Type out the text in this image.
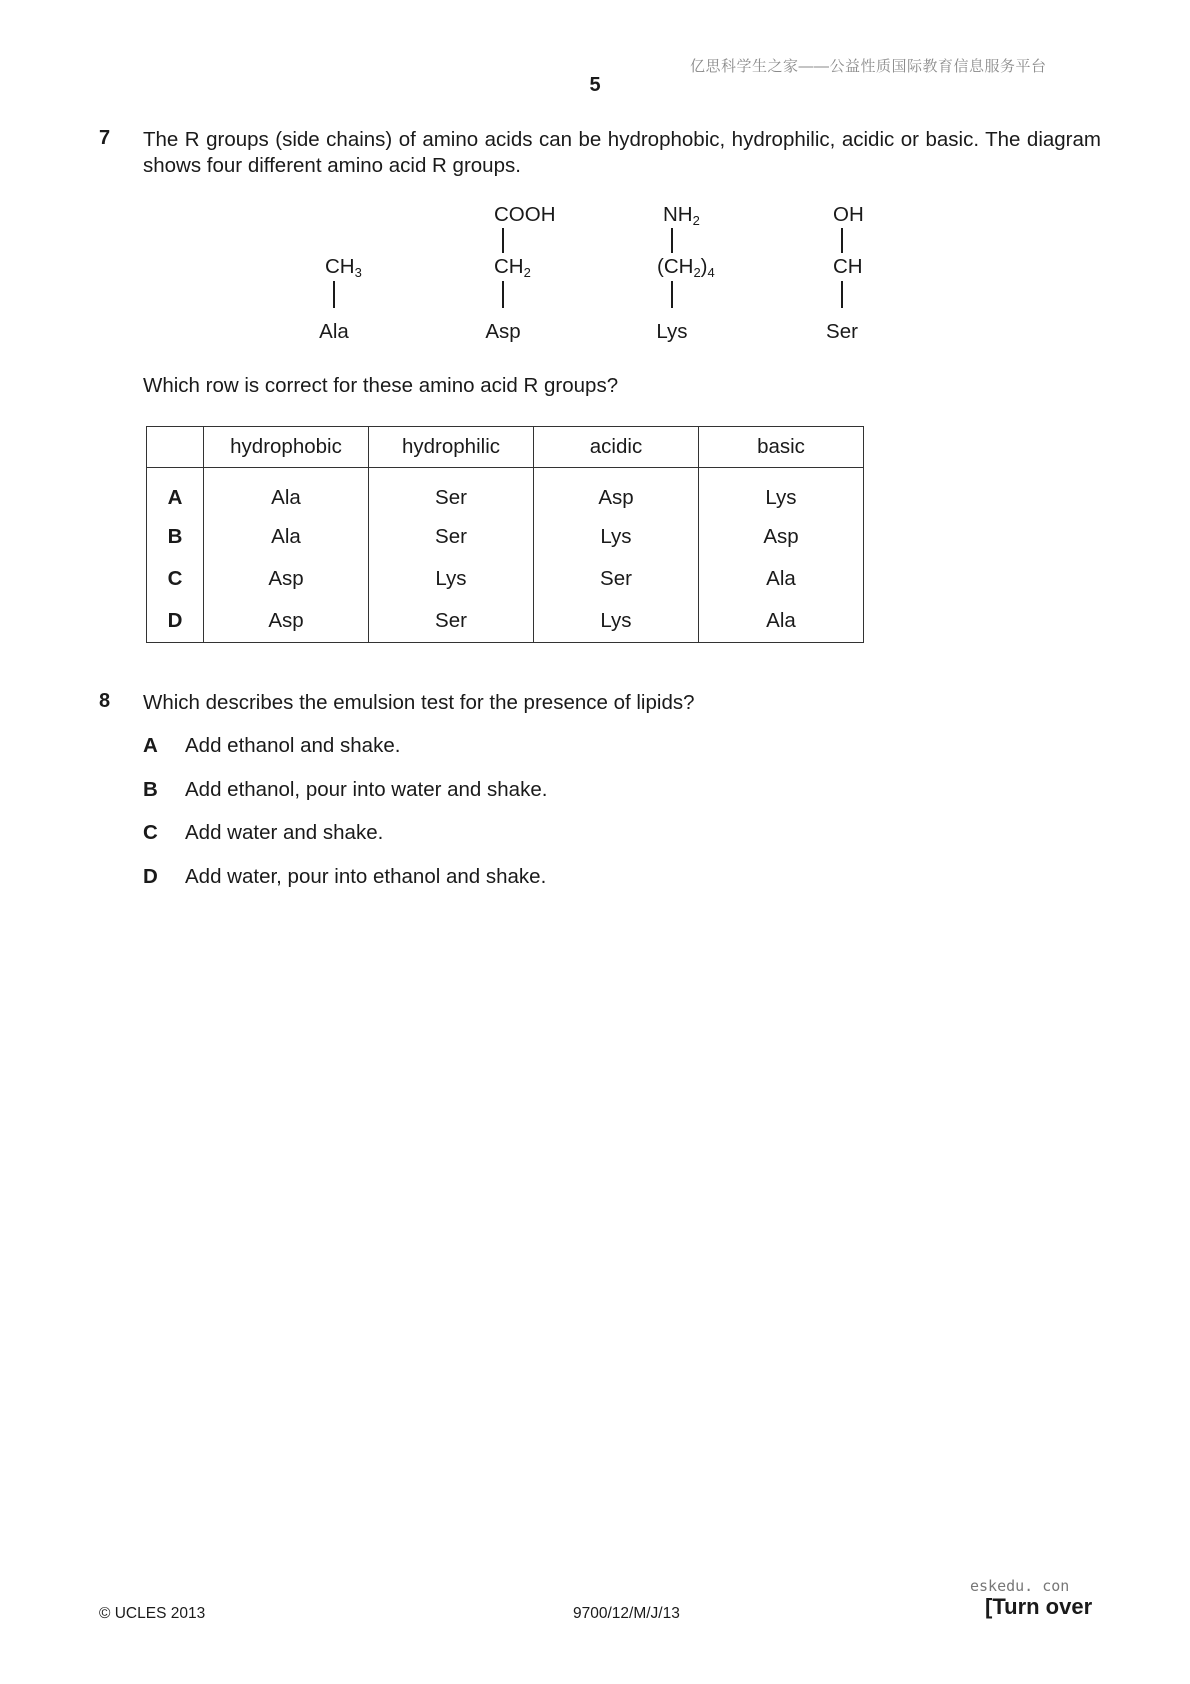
亿思科学生之家——公益性质国际教育信息服务平台
5
7 The R groups (side chains) of amino acids can be hydrophobic, hydrophilic, acidic or basic. The diagram shows four different amino acid R groups.
$CH_3$
Ala
COOH
$CH_2$
Asp
$NH_2$
$(CH_2)_4$
Lys
OH
CH
Ser
Which row is correct for these amino acid R groups?
	hydrophobic	hydrophilic	acidic	basic
A	Ala	Ser	Asp	Lys
B	Ala	Ser	Lys	Asp
C	Asp	Lys	Ser	Ala
D	Asp	Ser	Lys	Ala
8 Which describes the emulsion test for the presence of lipids?
A Add ethanol and shake.
B Add ethanol, pour into water and shake.
C Add water and shake.
D Add water, pour into ethanol and shake.
© UCLES 2013	9700/12/M/J/13
eskedu. con
[Turn over
